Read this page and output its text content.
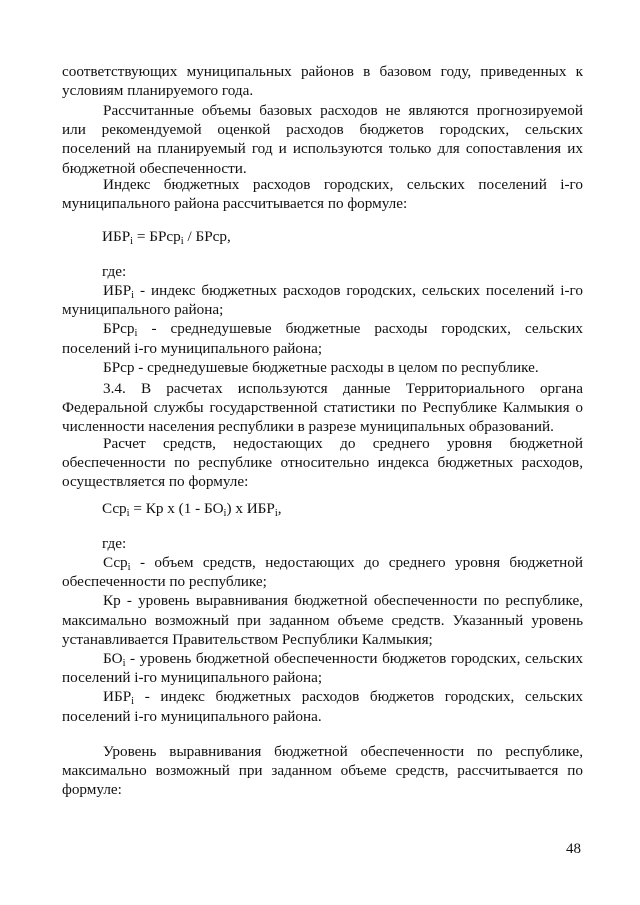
соответствующих муниципальных районов в базовом году, приведенных к
условиям планируемого года.
Рассчитанные объемы базовых расходов не являются прогнозируемой
или рекомендуемой оценкой расходов бюджетов городских, сельских
поселений на планируемый год и используются только для сопоставления их
бюджетной обеспеченности.
Индекс бюджетных расходов городских, сельских поселений i-го
муниципального района рассчитывается по формуле:
$ИБР_i$ = БРср$_i$ / БРср,
где:
$ИБР_i$ - индекс бюджетных расходов городских, сельских поселений i-го
муниципального района;
БРср$_i$ - среднедушевые бюджетные расходы городских, сельских
поселений i-го муниципального района;
БРср - среднедушевые бюджетные расходы в целом по республике.
3.4. В расчетах используются данные Территориального органа
Федеральной службы государственной статистики по Республике Калмыкия о
численности населения республики в разрезе муниципальных образований.
Расчет средств, недостающих до среднего уровня бюджетной
обеспеченности по республике относительно индекса бюджетных расходов,
осуществляется по формуле:
Сср$_i$ = Кр х $(1 - БО_i)$ х $ИБР_i$,
где:
Сср$_i$ - объем средств, недостающих до среднего уровня бюджетной
обеспеченности по республике;
Кр - уровень выравнивания бюджетной обеспеченности по республике,
максимально возможный при заданном объеме средств. Указанный уровень
устанавливается Правительством Республики Калмыкия;
$БО_i$ - уровень бюджетной обеспеченности бюджетов городских, сельских
поселений i-го муниципального района;
$ИБР_i$ - индекс бюджетных расходов бюджетов городских, сельских
поселений i-го муниципального района.
Уровень выравнивания бюджетной обеспеченности по республике,
максимально возможный при заданном объеме средств, рассчитывается по
формуле:
48
